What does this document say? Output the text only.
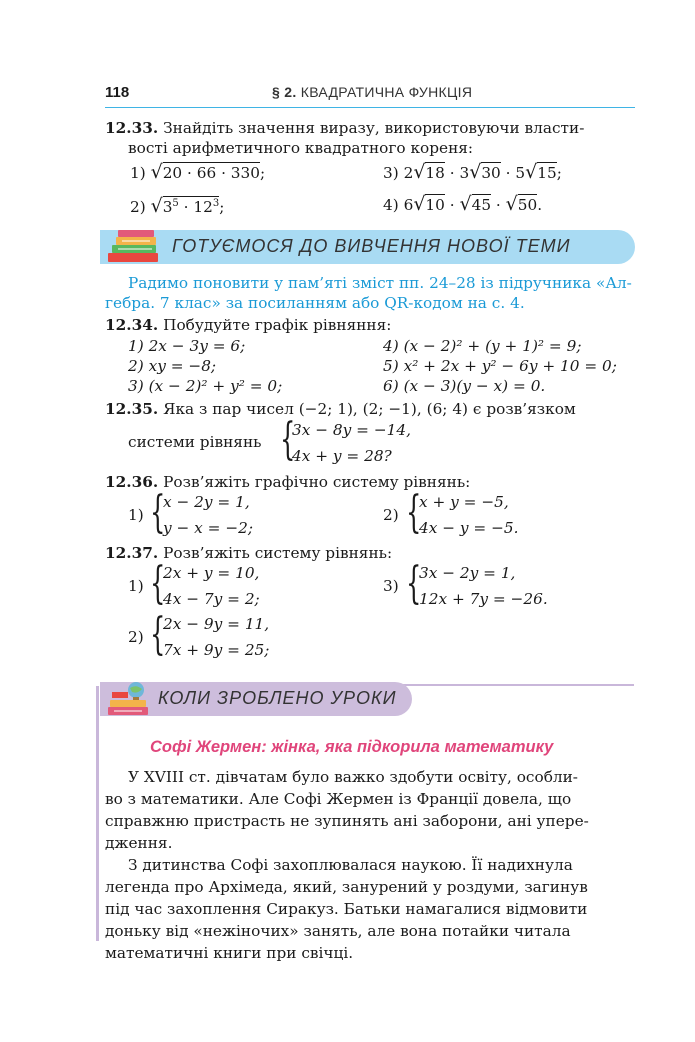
118	§ 2. КВАДРАТИЧНА ФУНКЦІЯ
12.33. Знайдіть значення виразу, використовуючи власти-
вості арифметичного квадратного кореня:
1) √20 · 66 · 330;	3) 2√18 · 3√30 · 5√15;
2) $√3^5 \cdot 12^3$;	4) 6√10 · √45 · √50.
ГОТУЄМОСЯ ДО ВИВЧЕННЯ НОВОЇ ТЕМИ
Радимо поновити у пам’яті зміст пп. 24–28 із підручника «Ал-
гебра. 7 клас» за посиланням або QR-кодом на с. 4.
12.34. Побудуйте графік рівняння:
1) 2x − 3y = 6;	4) (x − 2)² + (y + 1)² = 9;
2) xy = −8;	5) x² + 2x + y² − 6y + 10 = 0;
3) (x − 2)² + y² = 0;	6) (x − 3)(y − x) = 0.
12.35. Яка з пар чисел (−2; 1), (2; −1), (6; 4) є розв’язком
системи рівнянь {
3x − 8y = −14,
4x + y = 28?
12.36. Розв’яжіть графічно систему рівнянь:
1) {
x − 2y = 1,
y − x = −2;
2) {
x + y = −5,
4x − y = −5.
12.37. Розв’яжіть систему рівнянь:
1) {
2x + y = 10,
4x − 7y = 2;
3) {
3x − 2y = 1,
12x + 7y = −26.
2) {
2x − 9y = 11,
7x + 9y = 25;
КОЛИ ЗРОБЛЕНО УРОКИ
Софі Жермен: жінка, яка підкорила математику
У XVIII ст. дівчатам було важко здобути освіту, особли-
во з математики. Але Софі Жермен із Франції довела, що
справжню пристрасть не зупинять ані заборони, ані упере-
дження.
З дитинства Софі захоплювалася наукою. Її надихнула
легенда про Архімеда, який, занурений у роздуми, загинув
під час захоплення Сиракуз. Батьки намагалися відмовити
доньку від «нежіночих» занять, але вона потайки читала
математичні книги при свічці.
